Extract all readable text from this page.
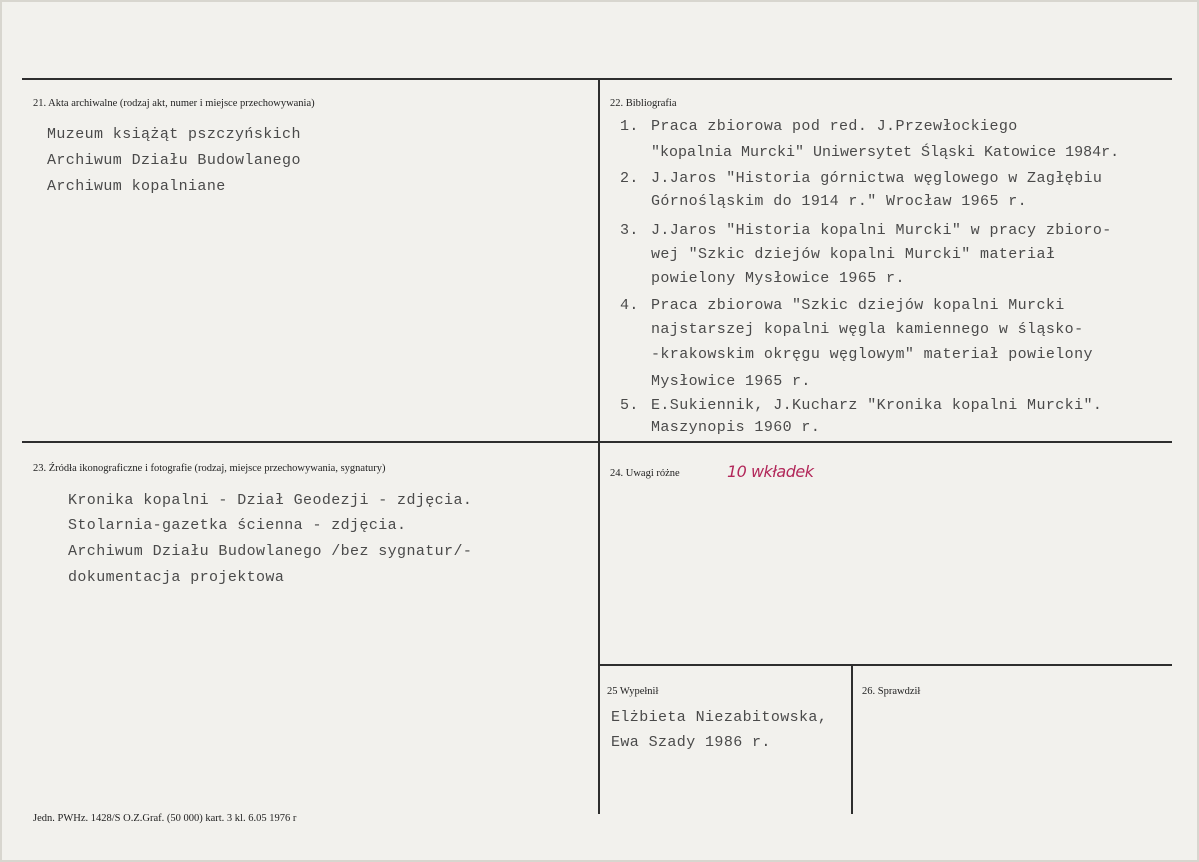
21. Akta archiwalne (rodzaj akt, numer i miejsce przechowywania)
Muzeum książąt pszczyńskich
Archiwum Działu Budowlanego
Archiwum kopalniane
22. Bibliografia
1. Praca zbiorowa pod red. J.Przewłockiego
"kopalnia Murcki" Uniwersytet Śląski Katowice 1984r.
2. J.Jaros "Historia górnictwa węglowego w Zagłębiu
Górnośląskim do 1914 r." Wrocław 1965 r.
3. J.Jaros "Historia kopalni Murcki" w pracy zbioro-
wej "Szkic dziejów kopalni Murcki" materiał
powielony Mysłowice 1965 r.
4. Praca zbiorowa "Szkic dziejów kopalni Murcki
najstarszej kopalni węgla kamiennego w śląsko-
-krakowskim okręgu węglowym" materiał powielony
Mysłowice 1965 r.
5. E.Sukiennik, J.Kucharz "Kronika kopalni Murcki".
Maszynopis 1960 r.
23. Źródła ikonograficzne i fotografie (rodzaj, miejsce przechowywania, sygnatury)
Kronika kopalni - Dział Geodezji - zdjęcia.
Stolarnia-gazetka ścienna - zdjęcia.
Archiwum Działu Budowlanego /bez sygnatur/-
dokumentacja projektowa
24. Uwagi różne	10 wkładek
25 Wypełnił
Elżbieta Niezabitowska,
Ewa Szady 1986 r.
26. Sprawdził
Jedn. PWHz. 1428/S O.Z.Graf. (50 000) kart. 3 kl. 6.05 1976 r
